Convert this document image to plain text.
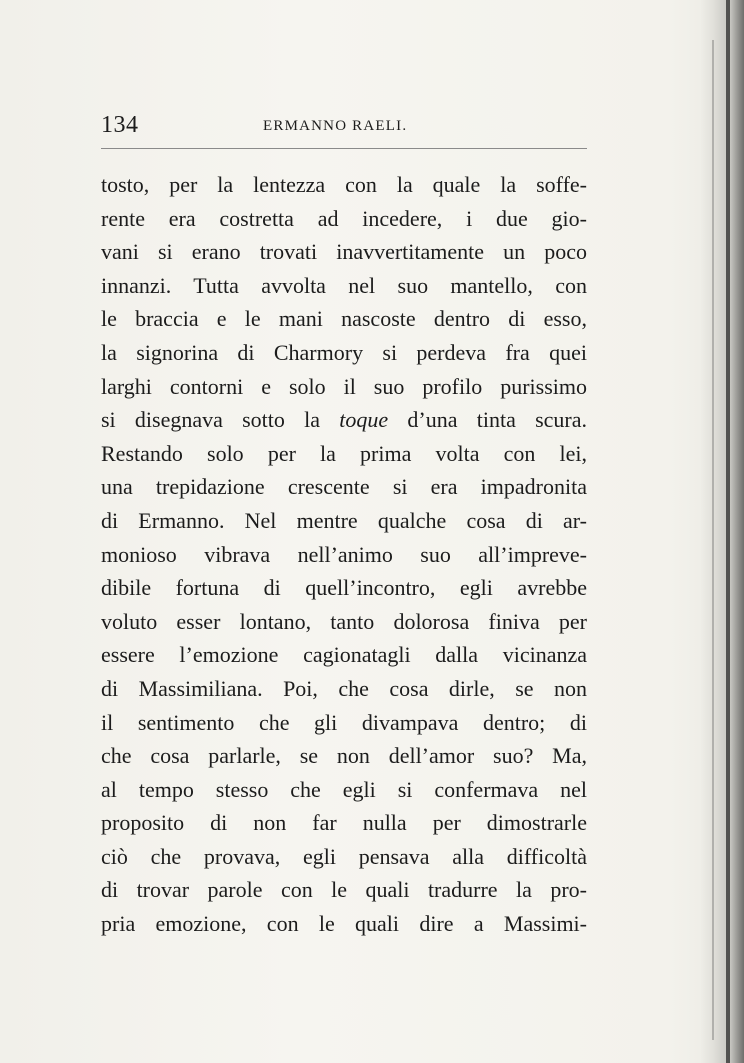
134	ERMANNO RAELI.
tosto, per la lentezza con la quale la soffe-
rente era costretta ad incedere, i due gio-
vani si erano trovati inavvertitamente un poco
innanzi. Tutta avvolta nel suo mantello, con
le braccia e le mani nascoste dentro di esso,
la signorina di Charmory si perdeva fra quei
larghi contorni e solo il suo profilo purissimo
si disegnava sotto la toque d’una tinta scura.
Restando solo per la prima volta con lei,
una trepidazione crescente si era impadronita
di Ermanno. Nel mentre qualche cosa di ar-
monioso vibrava nell’animo suo all’impreve-
dibile fortuna di quell’incontro, egli avrebbe
voluto esser lontano, tanto dolorosa finiva per
essere l’emozione cagionatagli dalla vicinanza
di Massimiliana. Poi, che cosa dirle, se non
il sentimento che gli divampava dentro; di
che cosa parlarle, se non dell’amor suo? Ma,
al tempo stesso che egli si confermava nel
proposito di non far nulla per dimostrarle
ciò che provava, egli pensava alla difficoltà
di trovar parole con le quali tradurre la pro-
pria emozione, con le quali dire a Massimi-
